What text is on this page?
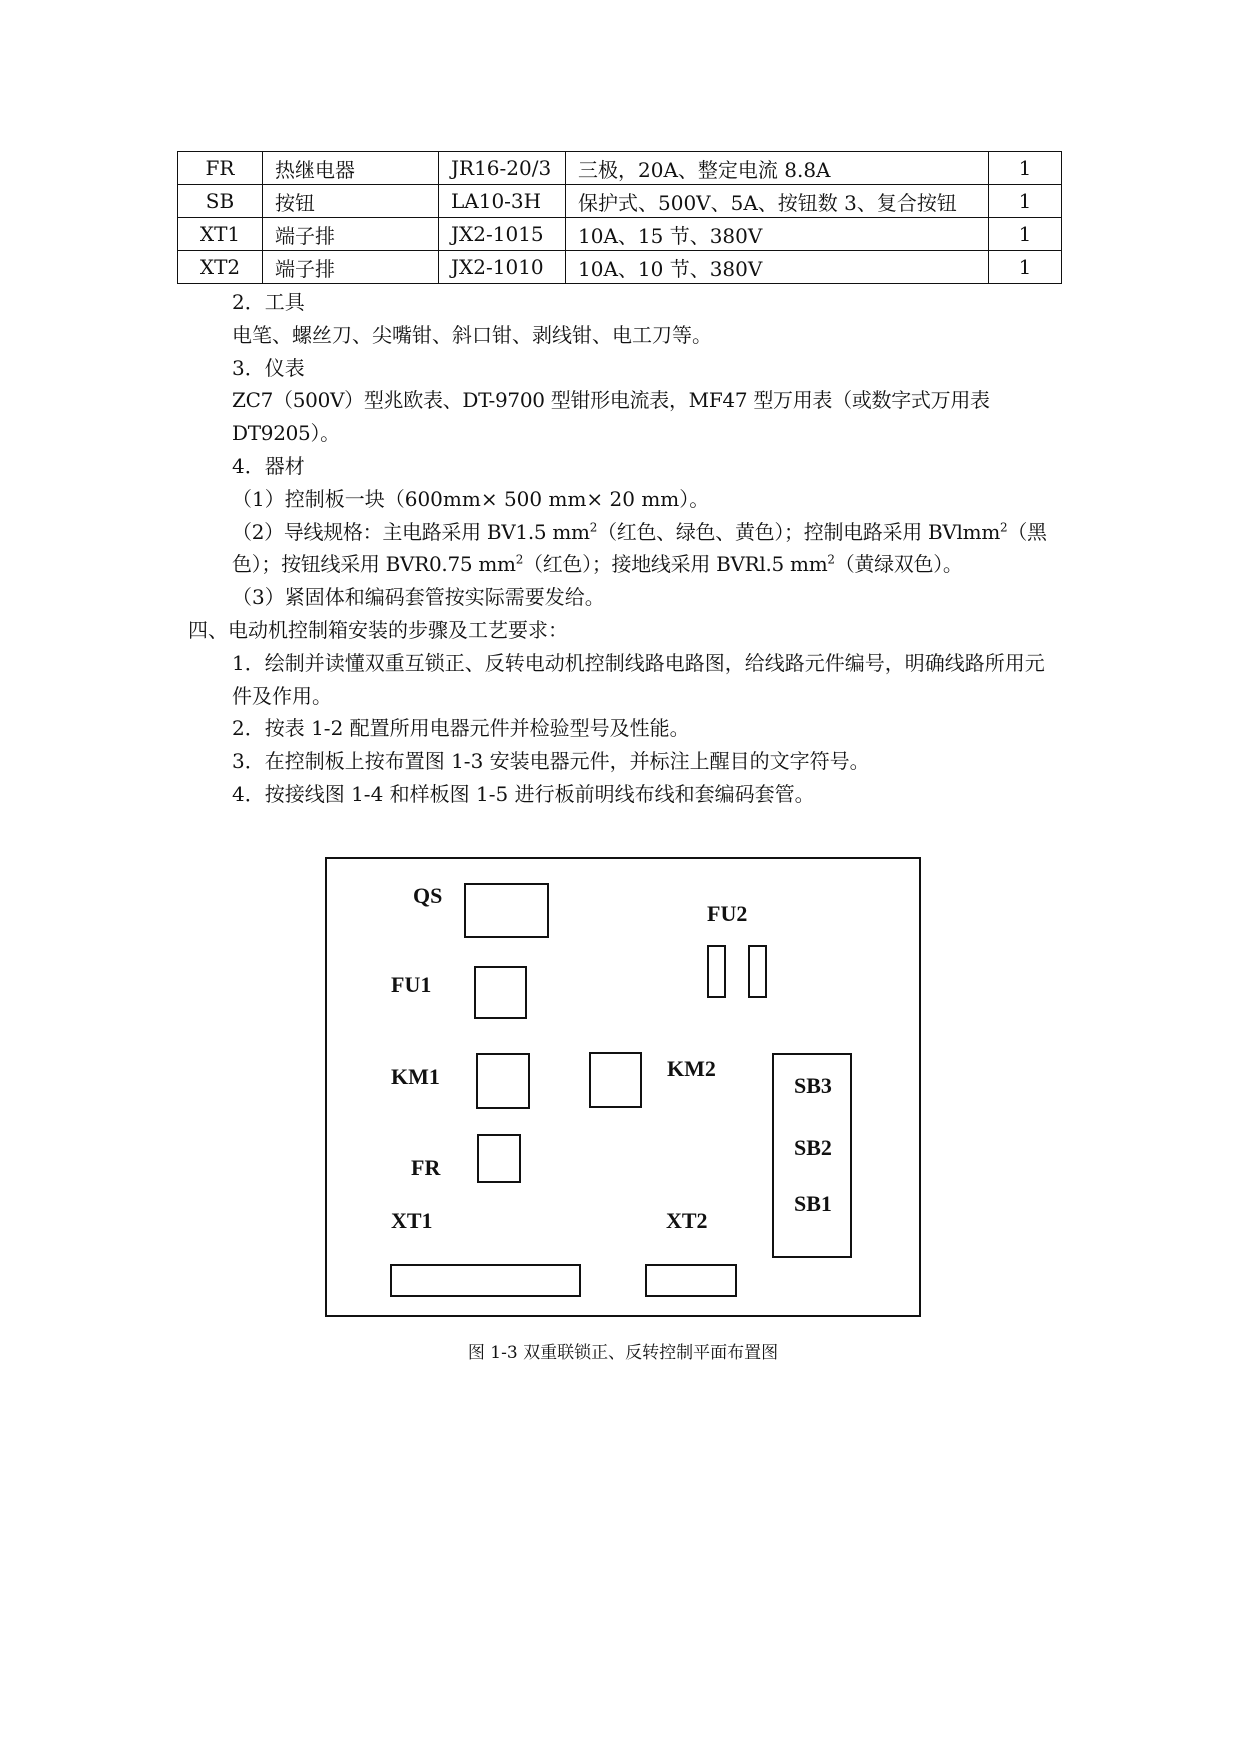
FR	热继电器	JR16-20/3	三极，20A、整定电流 8.8A	1
SB	按钮	LA10-3H	保护式、500V、5A、按钮数 3、复合按钮	1
XT1	端子排	JX2-1015	10A、15 节、380V	1
XT2	端子排	JX2-1010	10A、10 节、380V	1

2．工具

电笔、螺丝刀、尖嘴钳、斜口钳、剥线钳、电工刀等。

3．仪表

ZC7（500V）型兆欧表、DT-9700 型钳形电流表，MF47 型万用表（或数字式万用表 DT9205）。

4．器材

（1）控制板一块（600mm× 500 mm× 20 mm）。

（2）导线规格：主电路采用 BV1.5 $mm^2$（红色、绿色、黄色）；控制电路采用 BVlmm$^2$（黑色）；按钮线采用 BVR0.75 $mm^2$（红色）；接地线采用 BVRl.5 $mm^2$（黄绿双色）。

（3）紧固体和编码套管按实际需要发给。

四、电动机控制箱安装的步骤及工艺要求：

1．绘制并读懂双重互锁正、反转电动机控制线路电路图，给线路元件编号，明确线路所用元件及作用。

2．按表 1-2 配置所用电器元件并检验型号及性能。

3．在控制板上按布置图 1-3 安装电器元件，并标注上醒目的文字符号。

4．按接线图 1-4 和样板图 1-5 进行板前明线布线和套编码套管。

QS
FU2
FU1
KM1	KM2
SB3
SB2
SB1
FR
XT1	XT2
图 1-3 双重联锁正、反转控制平面布置图
